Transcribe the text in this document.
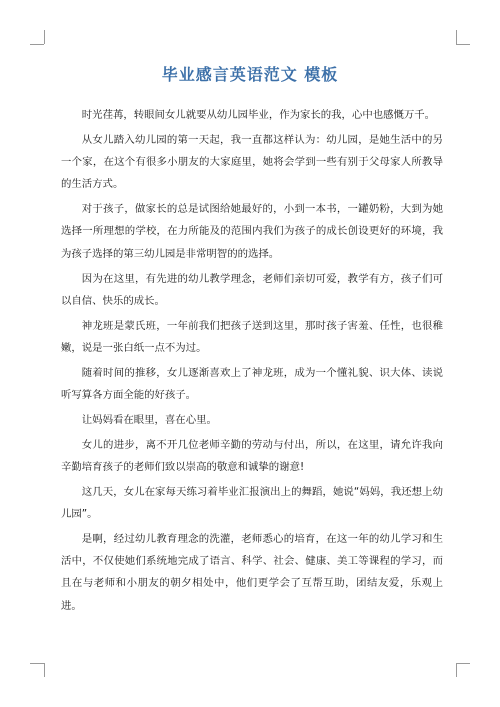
毕业感言英语范文 模板

时光荏苒，转眼间女儿就要从幼儿园毕业，作为家长的我，心中也感慨万千。

从女儿踏入幼儿园的第一天起，我一直都这样认为：幼儿园，是她生活中的另一个家，在这个有很多小朋友的大家庭里，她将会学到一些有别于父母家人所教导的生活方式。

对于孩子，做家长的总是试图给她最好的，小到一本书，一罐奶粉，大到为她选择一所理想的学校，在力所能及的范围内我们为孩子的成长创设更好的环境，我为孩子选择的第三幼儿园是非常明智的的选择。

因为在这里，有先进的幼儿教学理念，老师们亲切可爱，教学有方，孩子们可以自信、快乐的成长。

神龙班是蒙氏班，一年前我们把孩子送到这里，那时孩子害羞、任性，也很稚嫩，说是一张白纸一点不为过。

随着时间的推移，女儿逐渐喜欢上了神龙班，成为一个懂礼貌、识大体、读说听写算各方面全能的好孩子。

让妈妈看在眼里，喜在心里。

女儿的进步，离不开几位老师辛勤的劳动与付出，所以，在这里，请允许我向辛勤培育孩子的老师们致以崇高的敬意和诚挚的谢意!

这几天，女儿在家每天练习着毕业汇报演出上的舞蹈，她说“妈妈，我还想上幼儿园”。

是啊，经过幼儿教育理念的洗灌，老师悉心的培育，在这一年的幼儿学习和生活中，不仅使她们系统地完成了语言、科学、社会、健康、美工等课程的学习，而且在与老师和小朋友的朝夕相处中，他们更学会了互帮互助，团结友爱，乐观上进。
